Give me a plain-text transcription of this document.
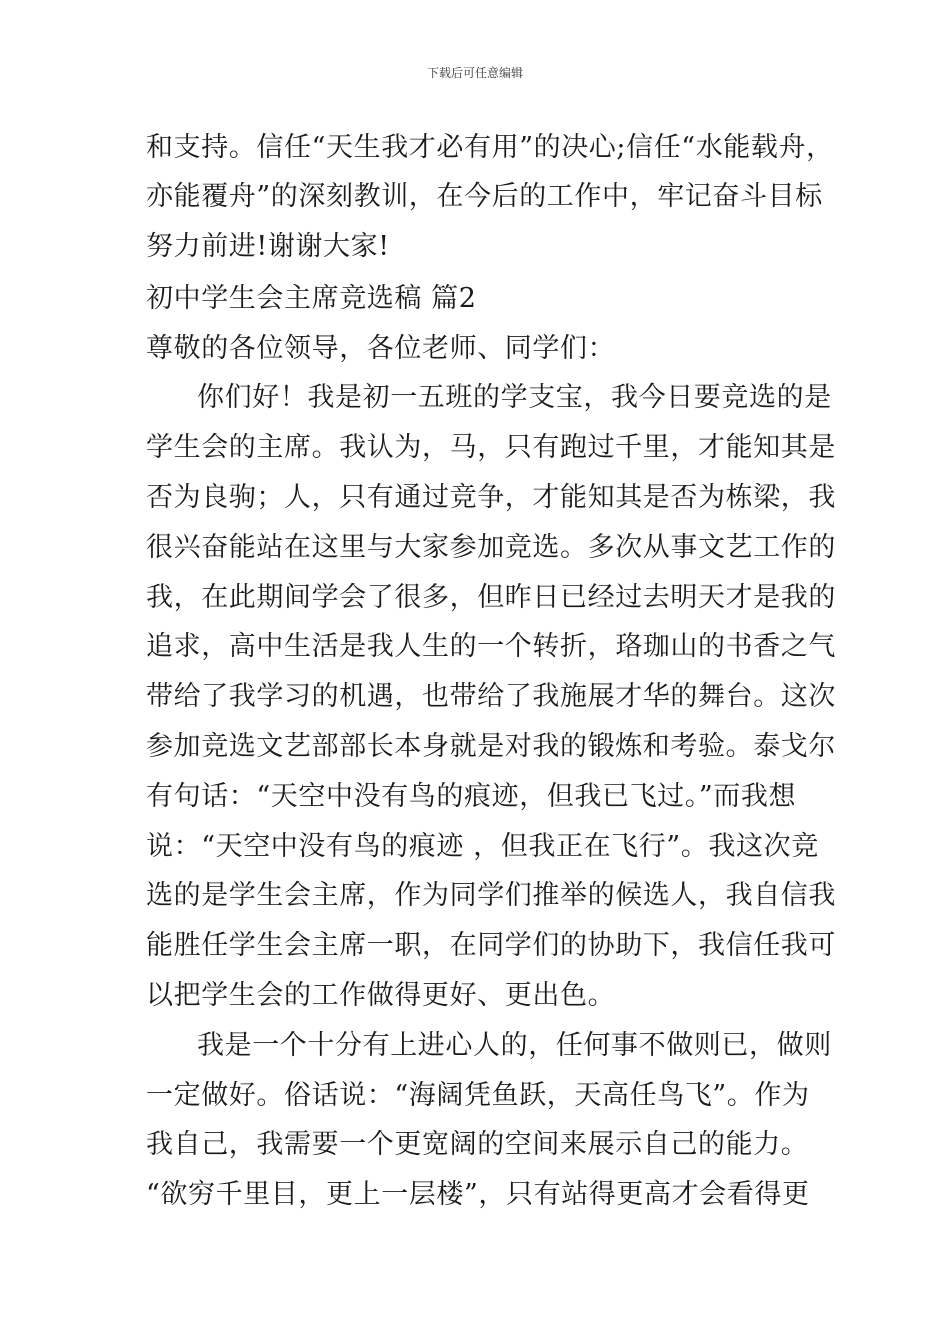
下载后可任意编辑
和支持。信任“天生我才必有用”的决心;信任“水能载舟，
亦能覆舟”的深刻教训，在今后的工作中，牢记奋斗目标
努力前进!谢谢大家!
初中学生会主席竞选稿 篇2
尊敬的各位领导，各位老师、同学们：
你们好！我是初一五班的学支宝，我今日要竞选的是
学生会的主席。我认为，马，只有跑过千里，才能知其是
否为良驹；人，只有通过竞争，才能知其是否为栋梁，我
很兴奋能站在这里与大家参加竞选。多次从事文艺工作的
我，在此期间学会了很多，但昨日已经过去明天才是我的
追求，高中生活是我人生的一个转折，珞珈山的书香之气
带给了我学习的机遇，也带给了我施展才华的舞台。这次
参加竞选文艺部部长本身就是对我的锻炼和考验。泰戈尔
有句话：“天空中没有鸟的痕迹，但我已飞过。”而我想
说：“天空中没有鸟的痕迹 ，但我正在飞行”。我这次竞
选的是学生会主席，作为同学们推举的候选人，我自信我
能胜任学生会主席一职，在同学们的协助下，我信任我可
以把学生会的工作做得更好、更出色。
我是一个十分有上进心人的，任何事不做则已，做则
一定做好。俗话说：“海阔凭鱼跃，天高任鸟飞”。作为
我自己，我需要一个更宽阔的空间来展示自己的能力。
“欲穷千里目，更上一层楼”，只有站得更高才会看得更
